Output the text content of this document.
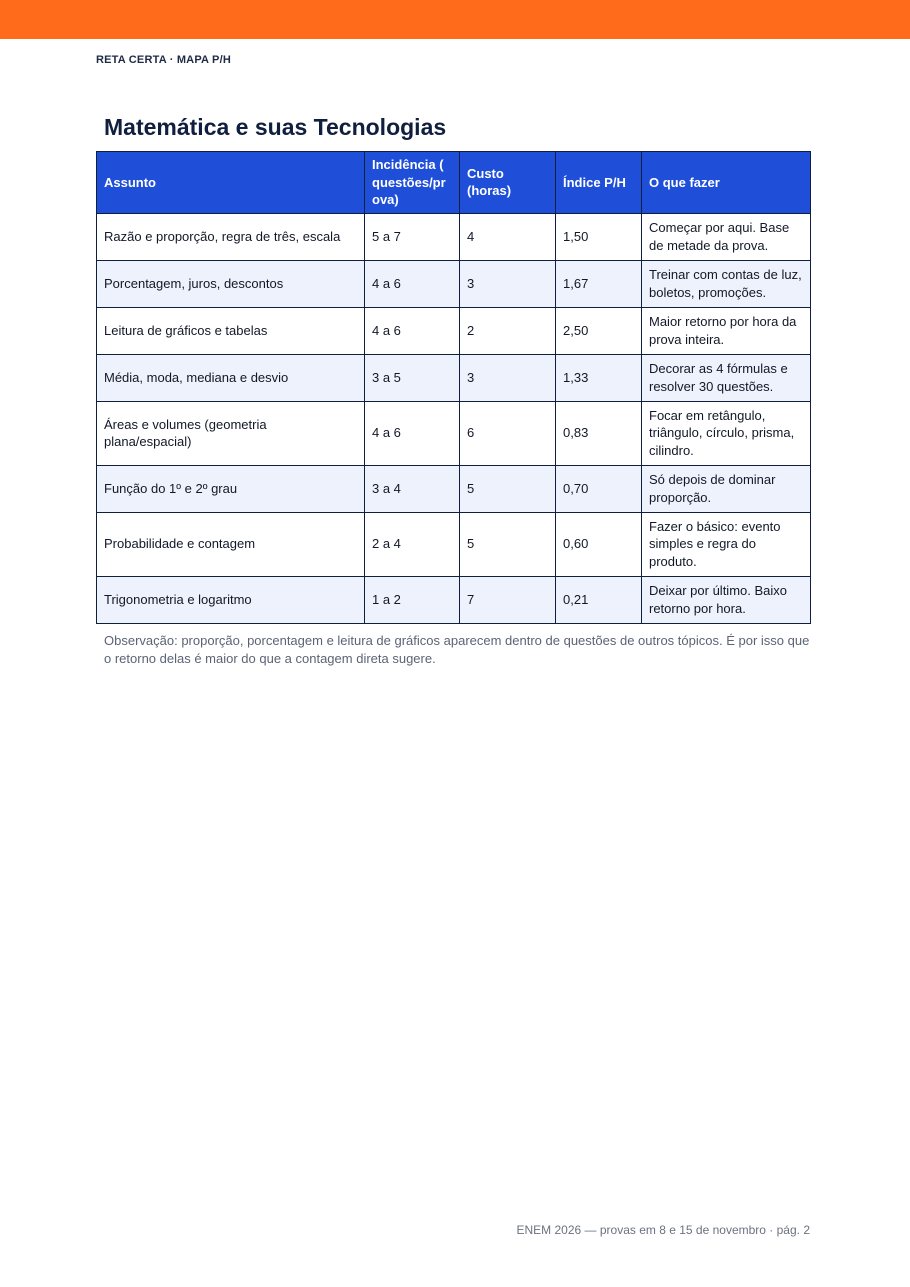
RETA CERTA · MAPA P/H
Matemática e suas Tecnologias
Assunto	Incidência ( questões/pr ova)	Custo (horas)	Índice P/H	O que fazer
Razão e proporção, regra de três, escala	5 a 7	4	1,50	Começar por aqui. Base de metade da prova.
Porcentagem, juros, descontos	4 a 6	3	1,67	Treinar com contas de luz, boletos, promoções.
Leitura de gráficos e tabelas	4 a 6	2	2,50	Maior retorno por hora da prova inteira.
Média, moda, mediana e desvio	3 a 5	3	1,33	Decorar as 4 fórmulas e resolver 30 questões.
Áreas e volumes (geometria plana/espacial)	4 a 6	6	0,83	Focar em retângulo, triângulo, círculo, prisma, cilindro.
Função do 1º e 2º grau	3 a 4	5	0,70	Só depois de dominar proporção.
Probabilidade e contagem	2 a 4	5	0,60	Fazer o básico: evento simples e regra do produto.
Trigonometria e logaritmo	1 a 2	7	0,21	Deixar por último. Baixo retorno por hora.
Observação: proporção, porcentagem e leitura de gráficos aparecem dentro de questões de outros tópicos. É por isso que o retorno delas é maior do que a contagem direta sugere.
ENEM 2026 — provas em 8 e 15 de novembro · pág. 2
